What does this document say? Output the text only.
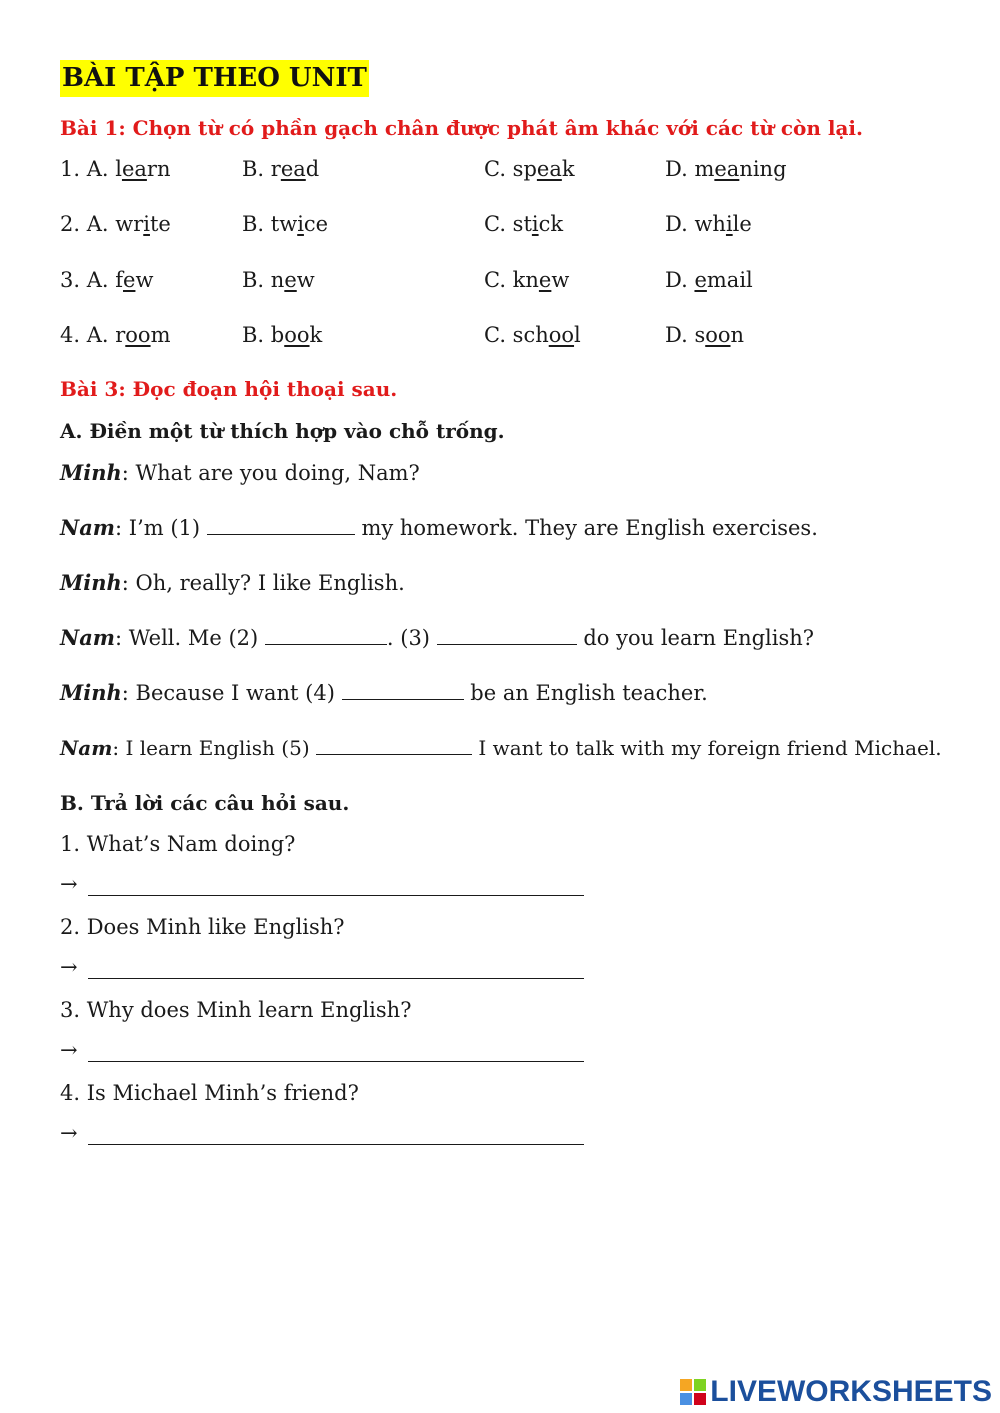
BÀI TẬP THEO UNIT
Bài 1: Chọn từ có phần gạch chân được phát âm khác với các từ còn lại.
1. A. learn	B. read	C. speak	D. meaning
2. A. write	B. twice	C. stick	D. while
3. A. few	B. new	C. knew	D. email
4. A. room	B. book	C. school	D. soon
Bài 3: Đọc đoạn hội thoại sau.
A. Điền một từ thích hợp vào chỗ trống.
Minh: What are you doing, Nam?
Nam: I’m (1)	my homework. They are English exercises.
Minh: Oh, really? I like English.
Nam: Well. Me (2)	. (3)	do you learn English?
Minh: Because I want (4)	be an English teacher.
Nam: I learn English (5)	I want to talk with my foreign friend Michael.
B. Trả lời các câu hỏi sau.
1. What’s Nam doing?
→
2. Does Minh like English?
→
3. Why does Minh learn English?
→
4. Is Michael Minh’s friend?
→
LIVEWORKSHEETS
